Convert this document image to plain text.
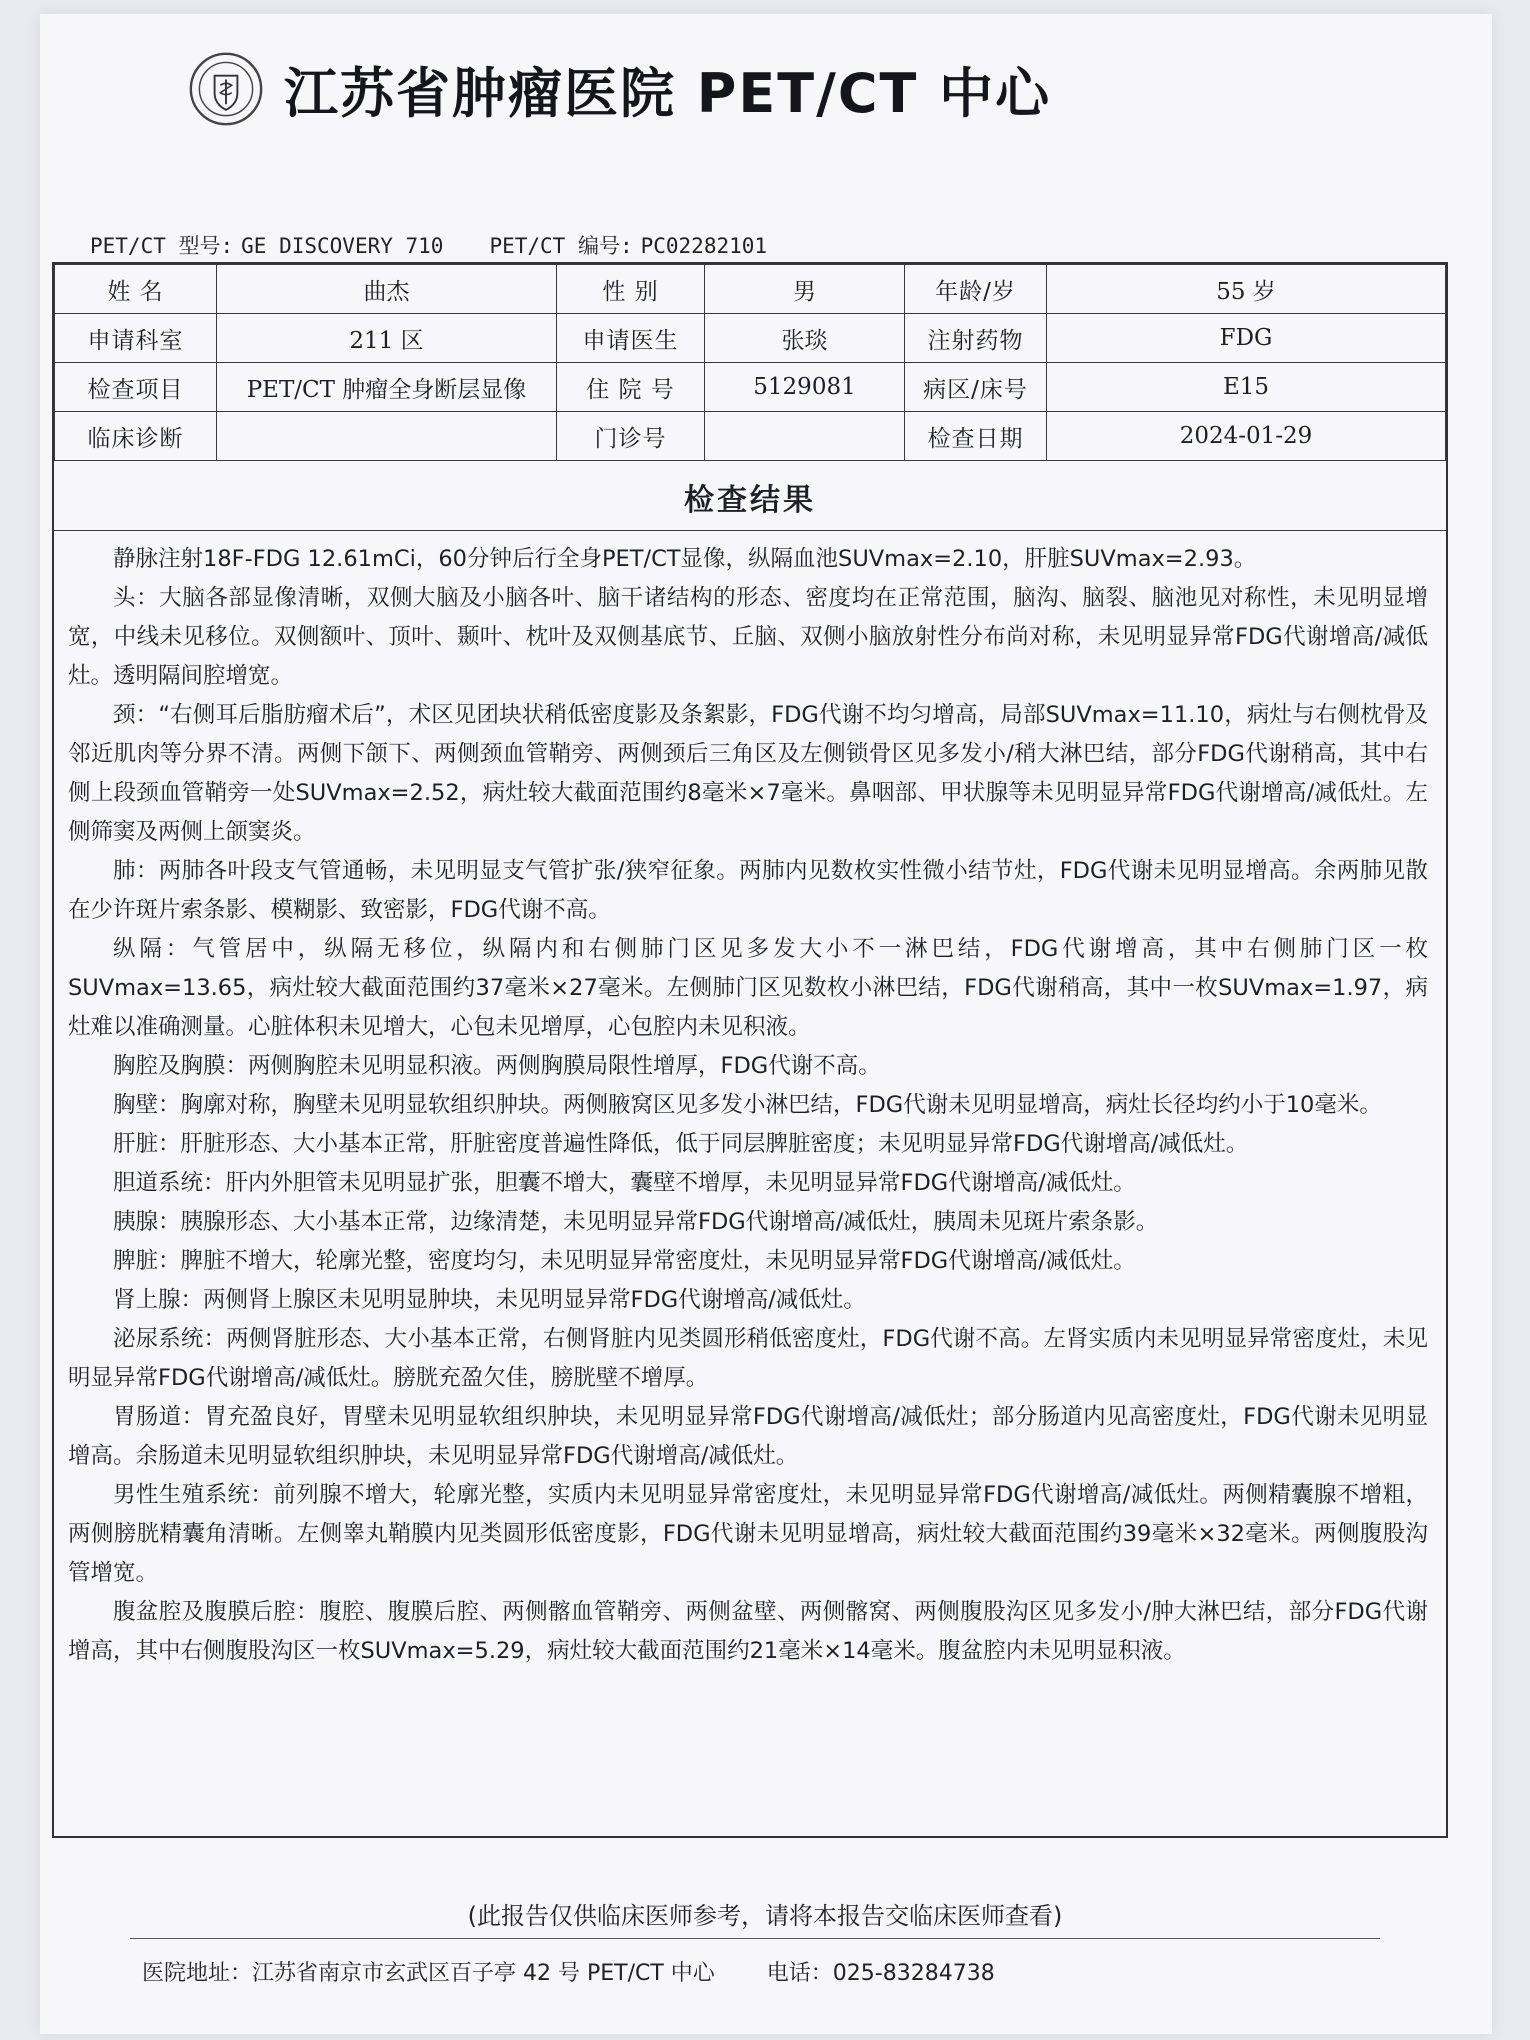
江苏省肿瘤医院 PET/CT 中心
PET/CT 型号: GE DISCOVERY 710 PET/CT 编号: PC02282101
姓 名	曲杰	性 别	男	年龄/岁	55 岁
申请科室	211 区	申请医生	张琰	注射药物	FDG
检查项目	PET/CT 肿瘤全身断层显像	住 院 号	5129081	病区/床号	E15
临床诊断		门诊号		检查日期	2024-01-29
检查结果

静脉注射18F-FDG 12.61mCi，60分钟后行全身PET/CT显像，纵隔血池SUVmax=2.10，肝脏SUVmax=2.93。

头：大脑各部显像清晰，双侧大脑及小脑各叶、脑干诸结构的形态、密度均在正常范围，脑沟、脑裂、脑池见对称性，未见明显增宽，中线未见移位。双侧额叶、顶叶、颞叶、枕叶及双侧基底节、丘脑、双侧小脑放射性分布尚对称，未见明显异常FDG代谢增高/减低灶。透明隔间腔增宽。

颈：“右侧耳后脂肪瘤术后”，术区见团块状稍低密度影及条絮影，FDG代谢不均匀增高，局部SUVmax=11.10，病灶与右侧枕骨及邻近肌肉等分界不清。两侧下颌下、两侧颈血管鞘旁、两侧颈后三角区及左侧锁骨区见多发小/稍大淋巴结，部分FDG代谢稍高，其中右侧上段颈血管鞘旁一处SUVmax=2.52，病灶较大截面范围约8毫米×7毫米。鼻咽部、甲状腺等未见明显异常FDG代谢增高/减低灶。左侧筛窦及两侧上颌窦炎。

肺：两肺各叶段支气管通畅，未见明显支气管扩张/狭窄征象。两肺内见数枚实性微小结节灶，FDG代谢未见明显增高。余两肺见散在少许斑片索条影、模糊影、致密影，FDG代谢不高。

纵隔：气管居中，纵隔无移位，纵隔内和右侧肺门区见多发大小不一淋巴结，FDG代谢增高，其中右侧肺门区一枚SUVmax=13.65，病灶较大截面范围约37毫米×27毫米。左侧肺门区见数枚小淋巴结，FDG代谢稍高，其中一枚SUVmax=1.97，病灶难以准确测量。心脏体积未见增大，心包未见增厚，心包腔内未见积液。

胸腔及胸膜：两侧胸腔未见明显积液。两侧胸膜局限性增厚，FDG代谢不高。

胸壁：胸廓对称，胸壁未见明显软组织肿块。两侧腋窝区见多发小淋巴结，FDG代谢未见明显增高，病灶长径均约小于10毫米。

肝脏：肝脏形态、大小基本正常，肝脏密度普遍性降低，低于同层脾脏密度；未见明显异常FDG代谢增高/减低灶。

胆道系统：肝内外胆管未见明显扩张，胆囊不增大，囊壁不增厚，未见明显异常FDG代谢增高/减低灶。

胰腺：胰腺形态、大小基本正常，边缘清楚，未见明显异常FDG代谢增高/减低灶，胰周未见斑片索条影。

脾脏：脾脏不增大，轮廓光整，密度均匀，未见明显异常密度灶，未见明显异常FDG代谢增高/减低灶。

肾上腺：两侧肾上腺区未见明显肿块，未见明显异常FDG代谢增高/减低灶。

泌尿系统：两侧肾脏形态、大小基本正常，右侧肾脏内见类圆形稍低密度灶，FDG代谢不高。左肾实质内未见明显异常密度灶，未见明显异常FDG代谢增高/减低灶。膀胱充盈欠佳，膀胱壁不增厚。

胃肠道：胃充盈良好，胃壁未见明显软组织肿块，未见明显异常FDG代谢增高/减低灶；部分肠道内见高密度灶，FDG代谢未见明显增高。余肠道未见明显软组织肿块，未见明显异常FDG代谢增高/减低灶。

男性生殖系统：前列腺不增大，轮廓光整，实质内未见明显异常密度灶，未见明显异常FDG代谢增高/减低灶。两侧精囊腺不增粗，两侧膀胱精囊角清晰。左侧睾丸鞘膜内见类圆形低密度影，FDG代谢未见明显增高，病灶较大截面范围约39毫米×32毫米。两侧腹股沟管增宽。

腹盆腔及腹膜后腔：腹腔、腹膜后腔、两侧髂血管鞘旁、两侧盆壁、两侧髂窝、两侧腹股沟区见多发小/肿大淋巴结，部分FDG代谢增高，其中右侧腹股沟区一枚SUVmax=5.29，病灶较大截面范围约21毫米×14毫米。腹盆腔内未见明显积液。

(此报告仅供临床医师参考，请将本报告交临床医师查看)
医院地址：江苏省南京市玄武区百子亭 42 号 PET/CT 中心 电话：025-83284738
